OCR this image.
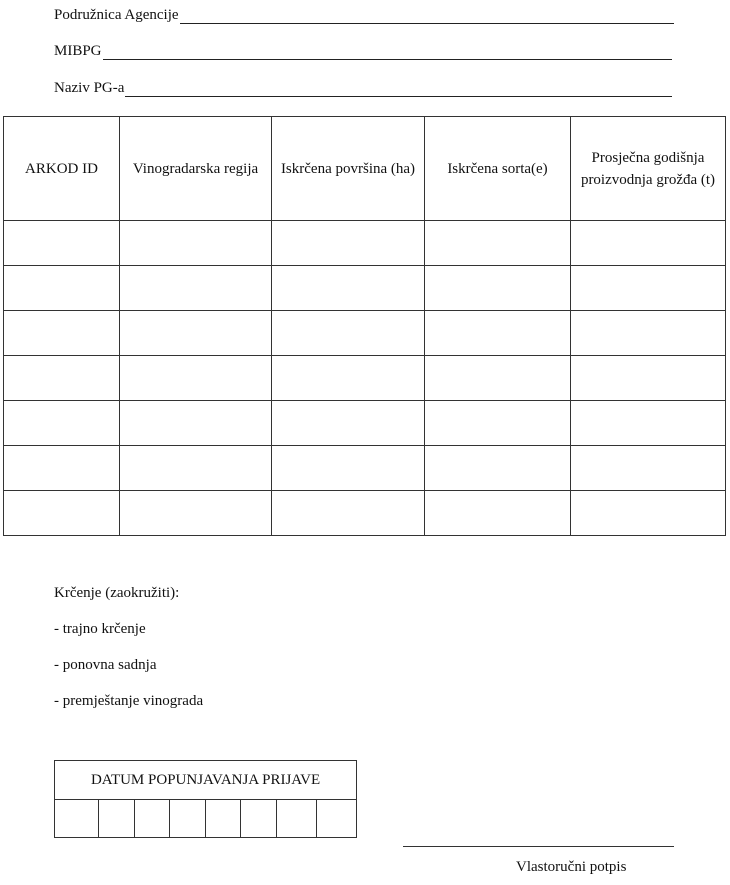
Podružnica Agencije
MIBPG
Naziv PG-a
ARKOD ID	Vinogradarska regija	Iskrčena površina (ha)	Iskrčena sorta(e)	Prosječna godišnja proizvodnja grožđa (t)

Krčenje (zaokružiti):
- trajno krčenje
- ponovna sadnja
- premještanje vinograda
DATUM POPUNJAVANJA PRIJAVE

Vlastoručni potpis
